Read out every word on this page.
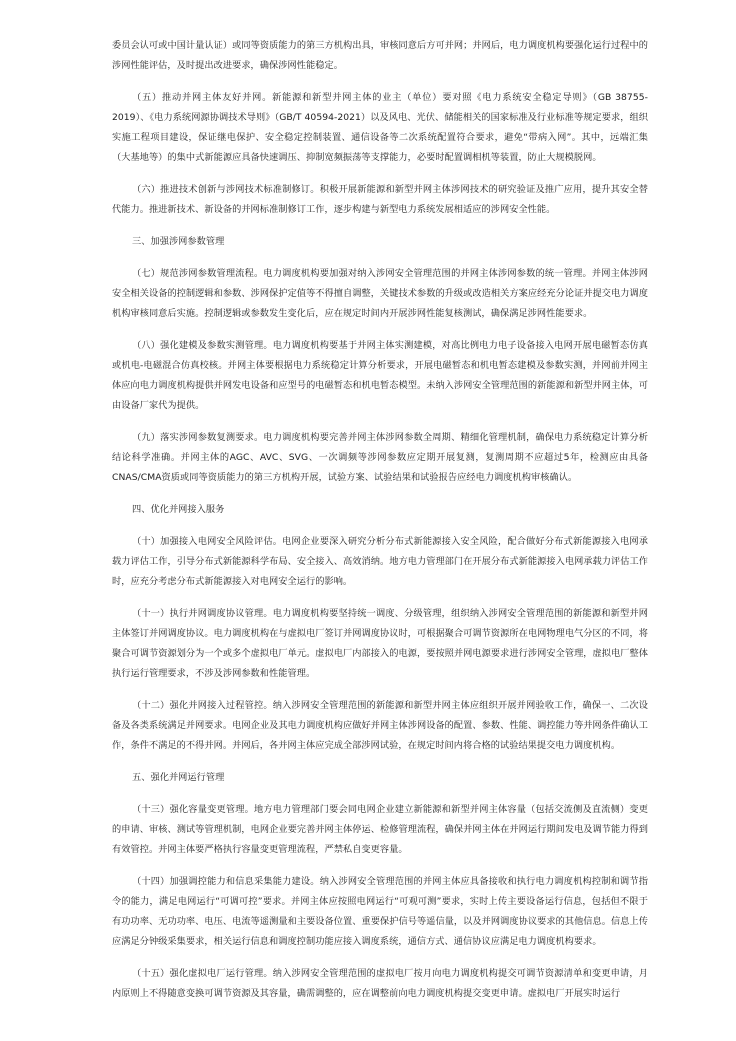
委员会认可或中国计量认证）或同等资质能力的第三方机构出具，审核同意后方可并网；并网后，电力调度机构要强化运行过程中的涉网性能评估，及时提出改进要求，确保涉网性能稳定。

（五）推动并网主体友好并网。新能源和新型并网主体的业主（单位）要对照《电力系统安全稳定导则》（GB 38755-2019）、《电力系统网源协调技术导则》（GB/T 40594-2021）以及风电、光伏、储能相关的国家标准及行业标准等规定要求，组织实施工程项目建设，保证继电保护、安全稳定控制装置、通信设备等二次系统配置符合要求，避免“带病入网”。其中，远端汇集（大基地等）的集中式新能源应具备快速调压、抑制宽频振荡等支撑能力，必要时配置调相机等装置，防止大规模脱网。

（六）推进技术创新与涉网技术标准制修订。积极开展新能源和新型并网主体涉网技术的研究验证及推广应用，提升其安全替代能力。推进新技术、新设备的并网标准制修订工作，逐步构建与新型电力系统发展相适应的涉网安全性能。

三、加强涉网参数管理

（七）规范涉网参数管理流程。电力调度机构要加强对纳入涉网安全管理范围的并网主体涉网参数的统一管理。并网主体涉网安全相关设备的控制逻辑和参数、涉网保护定值等不得擅自调整，关键技术参数的升级或改造相关方案应经充分论证并提交电力调度机构审核同意后实施。控制逻辑或参数发生变化后，应在规定时间内开展涉网性能复核测试，确保满足涉网性能要求。

（八）强化建模及参数实测管理。电力调度机构要基于并网主体实测建模，对高比例电力电子设备接入电网开展电磁暂态仿真或机电-电磁混合仿真校核。并网主体要根据电力系统稳定计算分析要求，开展电磁暂态和机电暂态建模及参数实测，并网前并网主体应向电力调度机构提供并网发电设备和应型号的电磁暂态和机电暂态模型。未纳入涉网安全管理范围的新能源和新型并网主体，可由设备厂家代为提供。

（九）落实涉网参数复测要求。电力调度机构要完善并网主体涉网参数全周期、精细化管理机制，确保电力系统稳定计算分析结论科学准确。并网主体的AGC、AVC、SVG、一次调频等涉网参数应定期开展复测，复测周期不应超过5年，检测应由具备CNAS/CMA资质或同等资质能力的第三方机构开展，试验方案、试验结果和试验报告应经电力调度机构审核确认。

四、优化并网接入服务

（十）加强接入电网安全风险评估。电网企业要深入研究分析分布式新能源接入安全风险，配合做好分布式新能源接入电网承载力评估工作，引导分布式新能源科学布局、安全接入、高效消纳。地方电力管理部门在开展分布式新能源接入电网承载力评估工作时，应充分考虑分布式新能源接入对电网安全运行的影响。

（十一）执行并网调度协议管理。电力调度机构要坚持统一调度、分级管理，组织纳入涉网安全管理范围的新能源和新型并网主体签订并网调度协议。电力调度机构在与虚拟电厂签订并网调度协议时，可根据聚合可调节资源所在电网物理电气分区的不同，将聚合可调节资源划分为一个或多个虚拟电厂单元。虚拟电厂内部接入的电源，要按照并网电源要求进行涉网安全管理，虚拟电厂整体执行运行管理要求，不涉及涉网参数和性能管理。

（十二）强化并网接入过程管控。纳入涉网安全管理范围的新能源和新型并网主体应组织开展并网验收工作，确保一、二次设备及各类系统满足并网要求。电网企业及其电力调度机构应做好并网主体涉网设备的配置、参数、性能、调控能力等并网条件确认工作，条件不满足的不得并网。并网后，各并网主体应完成全部涉网试验，在规定时间内将合格的试验结果提交电力调度机构。

五、强化并网运行管理

（十三）强化容量变更管理。地方电力管理部门要会同电网企业建立新能源和新型并网主体容量（包括交流侧及直流侧）变更的申请、审核、测试等管理机制，电网企业要完善并网主体停运、检修管理流程，确保并网主体在并网运行期间发电及调节能力得到有效管控。并网主体要严格执行容量变更管理流程，严禁私自变更容量。

（十四）加强调控能力和信息采集能力建设。纳入涉网安全管理范围的并网主体应具备接收和执行电力调度机构控制和调节指令的能力，满足电网运行“可调可控”要求。并网主体应按照电网运行“可观可测”要求，实时上传主要设备运行信息，包括但不限于有功功率、无功功率、电压、电流等遥测量和主要设备位置、重要保护信号等遥信量，以及并网调度协议要求的其他信息。信息上传应满足分钟级采集要求，相关运行信息和调度控制功能应接入调度系统，通信方式、通信协议应满足电力调度机构要求。

（十五）强化虚拟电厂运行管理。纳入涉网安全管理范围的虚拟电厂按月向电力调度机构提交可调节资源清单和变更申请，月内原则上不得随意变换可调节资源及其容量，确需调整的，应在调整前向电力调度机构提交变更申请。虚拟电厂开展实时运行
